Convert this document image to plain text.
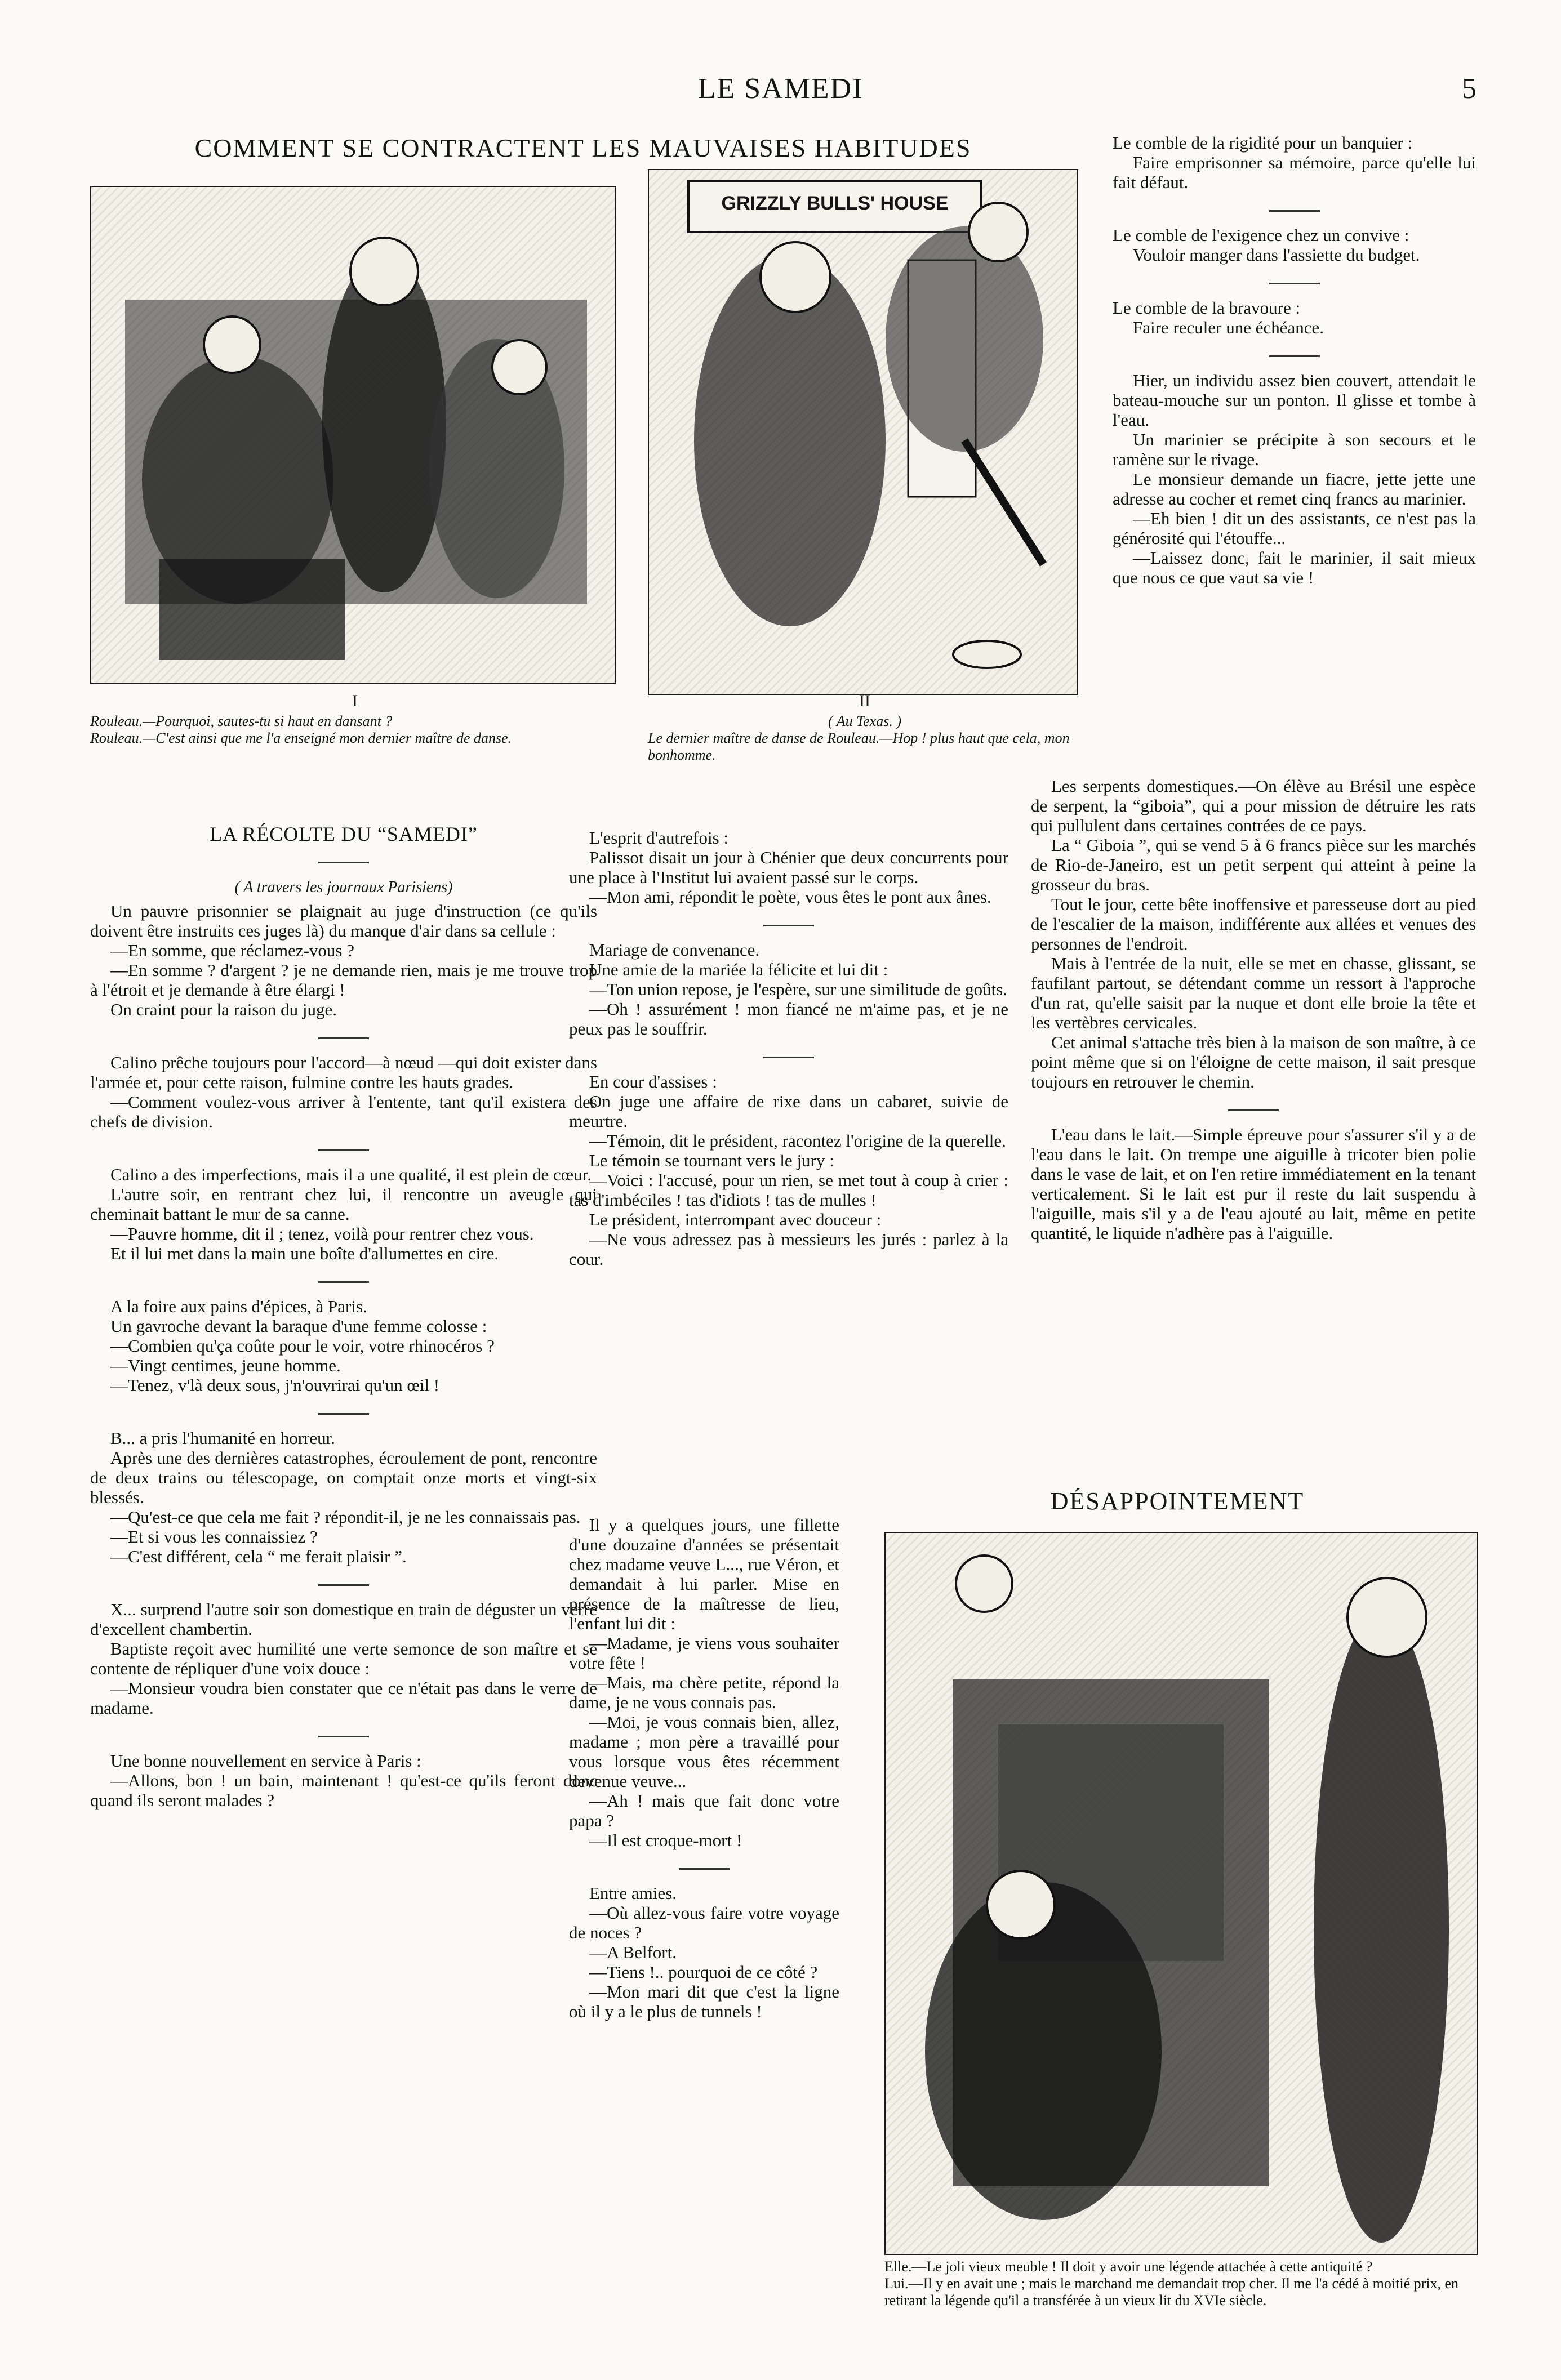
LE SAMEDI	5
COMMENT SE CONTRACTENT LES MAUVAISES HABITUDES
GRIZZLY BULLS' HOUSE
I
Rouleau.—Pourquoi, sautes-tu si haut en dansant ?
Rouleau.—C'est ainsi que me l'a enseigné mon dernier maître de danse.
II
( Au Texas. )
Le dernier maître de danse de Rouleau.—Hop ! plus haut que cela, mon bonhomme.

Le comble de la rigidité pour un banquier :

Faire emprisonner sa mémoire, parce qu'elle lui fait défaut.

Le comble de l'exigence chez un convive :

Vouloir manger dans l'assiette du budget.

Le comble de la bravoure :

Faire reculer une échéance.

Hier, un individu assez bien couvert, attendait le bateau-mouche sur un ponton. Il glisse et tombe à l'eau.

Un marinier se précipite à son secours et le ramène sur le rivage.

Le monsieur demande un fiacre, jette jette une adresse au cocher et remet cinq francs au marinier.

—Eh bien ! dit un des assistants, ce n'est pas la générosité qui l'étouffe...

—Laissez donc, fait le marinier, il sait mieux que nous ce que vaut sa vie !

LA RÉCOLTE DU “SAMEDI”
( A travers les journaux Parisiens)

Un pauvre prisonnier se plaignait au juge d'instruction (ce qu'ils doivent être instruits ces juges là) du manque d'air dans sa cellule :

—En somme, que réclamez-vous ?

—En somme ? d'argent ? je ne demande rien, mais je me trouve trop à l'étroit et je demande à être élargi !

On craint pour la raison du juge.

Calino prêche toujours pour l'accord—à nœud —qui doit exister dans l'armée et, pour cette raison, fulmine contre les hauts grades.

—Comment voulez-vous arriver à l'entente, tant qu'il existera des chefs de division.

Calino a des imperfections, mais il a une qualité, il est plein de cœur.

L'autre soir, en rentrant chez lui, il rencontre un aveugle qui cheminait battant le mur de sa canne.

—Pauvre homme, dit il ; tenez, voilà pour rentrer chez vous.

Et il lui met dans la main une boîte d'allumettes en cire.

A la foire aux pains d'épices, à Paris.

Un gavroche devant la baraque d'une femme colosse :

—Combien qu'ça coûte pour le voir, votre rhinocéros ?

—Vingt centimes, jeune homme.

—Tenez, v'là deux sous, j'n'ouvrirai qu'un œil !

B... a pris l'humanité en horreur.

Après une des dernières catastrophes, écroulement de pont, rencontre de deux trains ou télescopage, on comptait onze morts et vingt-six blessés.

—Qu'est-ce que cela me fait ? répondit-il, je ne les connaissais pas.

—Et si vous les connaissiez ?

—C'est différent, cela “ me ferait plaisir ”.

X... surprend l'autre soir son domestique en train de déguster un verre d'excellent chambertin.

Baptiste reçoit avec humilité une verte semonce de son maître et se contente de répliquer d'une voix douce :

—Monsieur voudra bien constater que ce n'était pas dans le verre de madame.

Une bonne nouvellement en service à Paris :

—Allons, bon ! un bain, maintenant ! qu'est-ce qu'ils feront donc quand ils seront malades ?

L'esprit d'autrefois :

Palissot disait un jour à Chénier que deux concurrents pour une place à l'Institut lui avaient passé sur le corps.

—Mon ami, répondit le poète, vous êtes le pont aux ânes.

Mariage de convenance.

Une amie de la mariée la félicite et lui dit :

—Ton union repose, je l'espère, sur une similitude de goûts.

—Oh ! assurément ! mon fiancé ne m'aime pas, et je ne peux pas le souffrir.

En cour d'assises :

On juge une affaire de rixe dans un cabaret, suivie de meurtre.

—Témoin, dit le président, racontez l'origine de la querelle.

Le témoin se tournant vers le jury :

—Voici : l'accusé, pour un rien, se met tout à coup à crier : tas d'imbéciles ! tas d'idiots ! tas de mulles !

Le président, interrompant avec douceur :

—Ne vous adressez pas à messieurs les jurés : parlez à la cour.

Il y a quelques jours, une fillette d'une douzaine d'années se présentait chez madame veuve L..., rue Véron, et demandait à lui parler. Mise en présence de la maîtresse de lieu, l'enfant lui dit :

—Madame, je viens vous souhaiter votre fête !

—Mais, ma chère petite, répond la dame, je ne vous connais pas.

—Moi, je vous connais bien, allez, madame ; mon père a travaillé pour vous lorsque vous êtes récemment devenue veuve...

—Ah ! mais que fait donc votre papa ?

—Il est croque-mort !

Entre amies.

—Où allez-vous faire votre voyage de noces ?

—A Belfort.

—Tiens !.. pourquoi de ce côté ?

—Mon mari dit que c'est la ligne où il y a le plus de tunnels !

Les serpents domestiques.—On élève au Brésil une espèce de serpent, la “giboia”, qui a pour mission de détruire les rats qui pullulent dans certaines contrées de ce pays.

La “ Giboia ”, qui se vend 5 à 6 francs pièce sur les marchés de Rio-de-Janeiro, est un petit serpent qui atteint à peine la grosseur du bras.

Tout le jour, cette bête inoffensive et paresseuse dort au pied de l'escalier de la maison, indifférente aux allées et venues des personnes de l'endroit.

Mais à l'entrée de la nuit, elle se met en chasse, glissant, se faufilant partout, se détendant comme un ressort à l'approche d'un rat, qu'elle saisit par la nuque et dont elle broie la tête et les vertèbres cervicales.

Cet animal s'attache très bien à la maison de son maître, à ce point même que si on l'éloigne de cette maison, il sait presque toujours en retrouver le chemin.

L'eau dans le lait.—Simple épreuve pour s'assurer s'il y a de l'eau dans le lait. On trempe une aiguille à tricoter bien polie dans le vase de lait, et on l'en retire immédiatement en la tenant verticalement. Si le lait est pur il reste du lait suspendu à l'aiguille, mais s'il y a de l'eau ajouté au lait, même en petite quantité, le liquide n'adhère pas à l'aiguille.

DÉSAPPOINTEMENT
Elle.—Le joli vieux meuble ! Il doit y avoir une légende attachée à cette antiquité ?
Lui.—Il y en avait une ; mais le marchand me demandait trop cher. Il me l'a cédé à moitié prix, en retirant la légende qu'il a transférée à un vieux lit du XVIe siècle.
